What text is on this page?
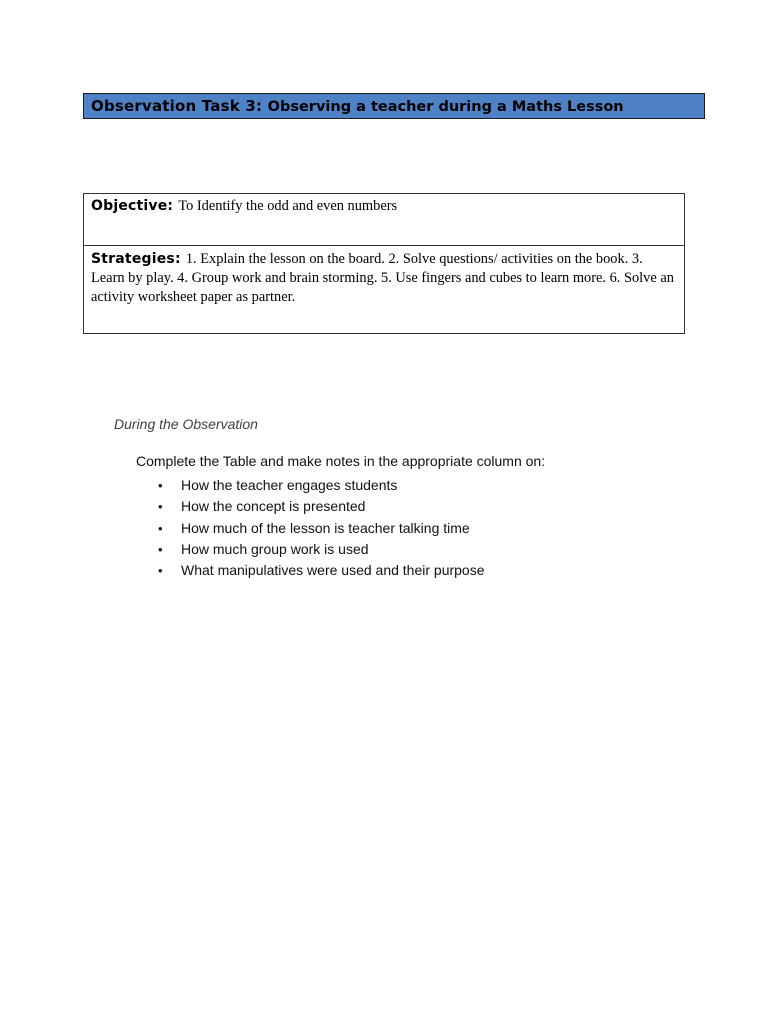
Observation Task 3: Observing a teacher during a Maths Lesson
Objective: To Identify the odd and even numbers
Strategies: 1. Explain the lesson on the board. 2. Solve questions/ activities on the book. 3. Learn by play. 4. Group work and brain storming. 5. Use fingers and cubes to learn more. 6. Solve an activity worksheet paper as partner.
During the Observation
Complete the Table and make notes in the appropriate column on:
• How the teacher engages students
• How the concept is presented
• How much of the lesson is teacher talking time
• How much group work is used
• What manipulatives were used and their purpose
